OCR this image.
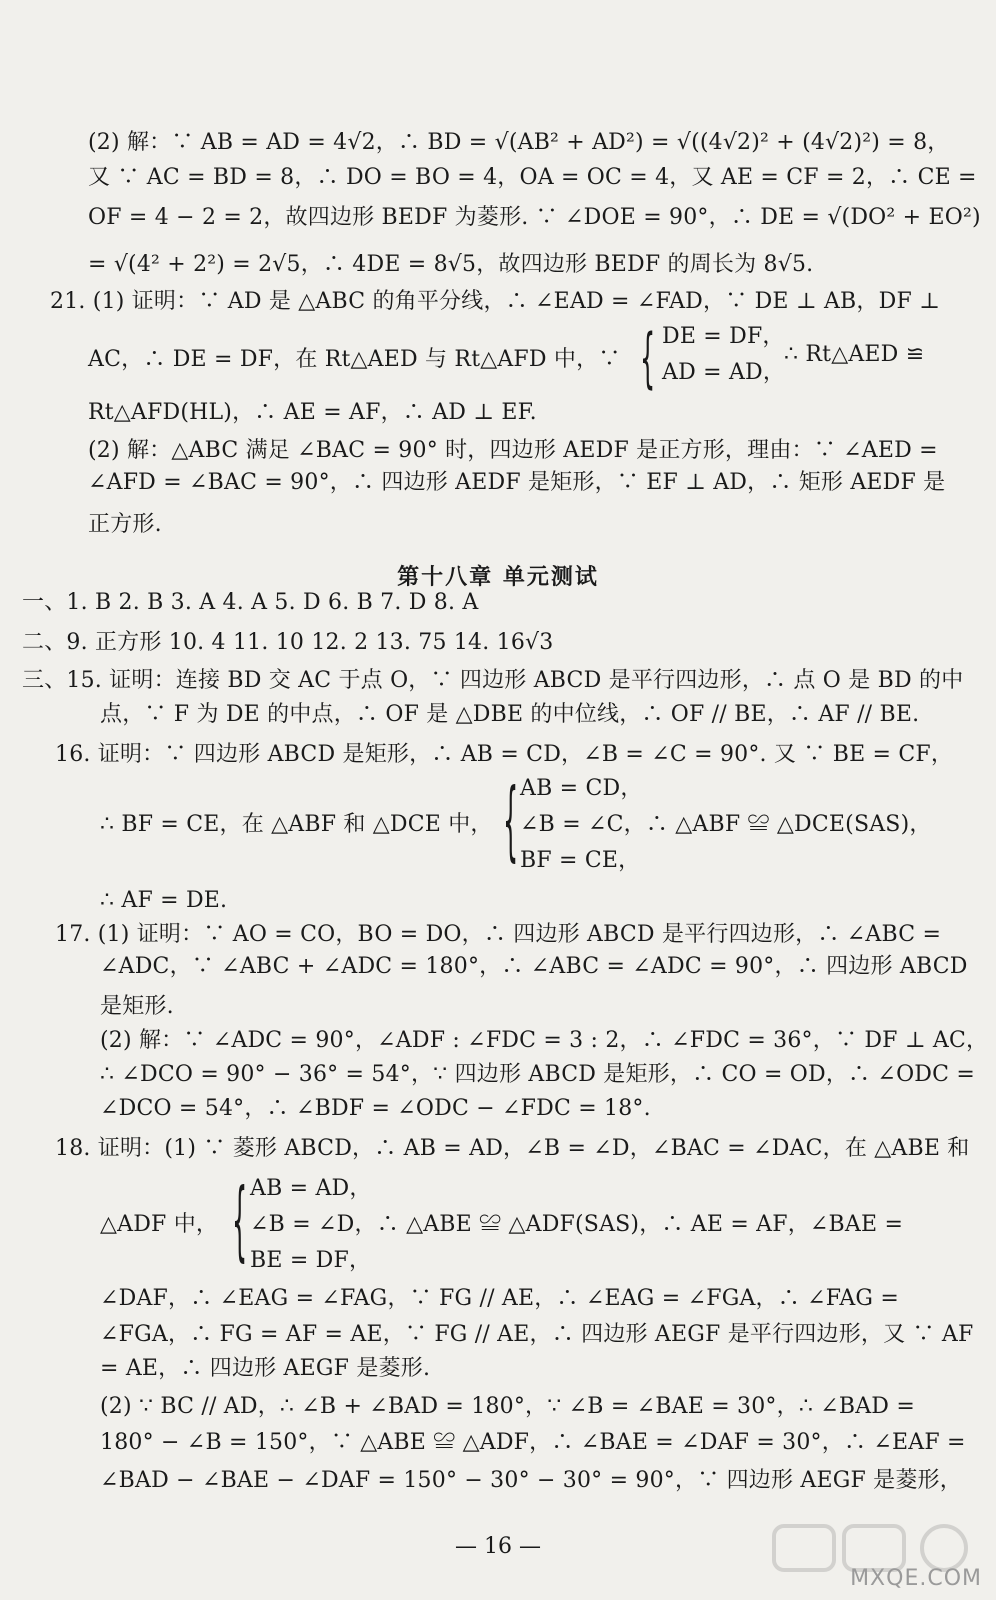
(2) 解：∵ AB = AD = 4√2，∴ BD = √(AB² + AD²) = √((4√2)² + (4√2)²) = 8，
又 ∵ AC = BD = 8，∴ DO = BO = 4，OA = OC = 4，又 AE = CF = 2，∴ CE =
OF = 4 − 2 = 2，故四边形 BEDF 为菱形. ∵ ∠DOE = 90°，∴ DE = √(DO² + EO²)
= √(4² + 2²) = 2√5，∴ 4DE = 8√5，故四边形 BEDF 的周长为 8√5.
21. (1) 证明：∵ AD 是 △ABC 的角平分线，∴ ∠EAD = ∠FAD，∵ DE ⊥ AB，DF ⊥
AC，∴ DE = DF，在 Rt△AED 与 Rt△AFD 中，∵ { DE = DF，
AD = AD，
∴ Rt△AED ≌
Rt△AFD(HL)，∴ AE = AF，∴ AD ⊥ EF.
(2) 解：△ABC 满足 ∠BAC = 90° 时，四边形 AEDF 是正方形，理由：∵ ∠AED =
∠AFD = ∠BAC = 90°，∴ 四边形 AEDF 是矩形，∵ EF ⊥ AD，∴ 矩形 AEDF 是
正方形.
第十八章 单元测试
一、1. B 2. B 3. A 4. A 5. D 6. B 7. D 8. A
二、9. 正方形 10. 4 11. 10 12. 2 13. 75 14. 16√3
三、15. 证明：连接 BD 交 AC 于点 O，∵ 四边形 ABCD 是平行四边形，∴ 点 O 是 BD 的中
点，∵ F 为 DE 的中点，∴ OF 是 △DBE 的中位线，∴ OF // BE，∴ AF // BE.
16. 证明：∵ 四边形 ABCD 是矩形，∴ AB = CD，∠B = ∠C = 90°. 又 ∵ BE = CF，
{ AB = CD，
∴ BF = CE，在 △ABF 和 △DCE 中， ∠B = ∠C，∴ △ABF ≌ △DCE(SAS)，
BF = CE，
∴ AF = DE.
17. (1) 证明：∵ AO = CO，BO = DO，∴ 四边形 ABCD 是平行四边形，∴ ∠ABC =
∠ADC，∵ ∠ABC + ∠ADC = 180°，∴ ∠ABC = ∠ADC = 90°，∴ 四边形 ABCD
是矩形.
(2) 解：∵ ∠ADC = 90°，∠ADF : ∠FDC = 3 : 2，∴ ∠FDC = 36°，∵ DF ⊥ AC，
∴ ∠DCO = 90° − 36° = 54°，∵ 四边形 ABCD 是矩形，∴ CO = OD，∴ ∠ODC =
∠DCO = 54°，∴ ∠BDF = ∠ODC − ∠FDC = 18°.
18. 证明：(1) ∵ 菱形 ABCD，∴ AB = AD，∠B = ∠D，∠BAC = ∠DAC，在 △ABE 和
{ AB = AD，
△ADF 中， ∠B = ∠D，∴ △ABE ≌ △ADF(SAS)，∴ AE = AF，∠BAE =
BE = DF，
∠DAF，∴ ∠EAG = ∠FAG，∵ FG // AE，∴ ∠EAG = ∠FGA，∴ ∠FAG =
∠FGA，∴ FG = AF = AE，∵ FG // AE，∴ 四边形 AEGF 是平行四边形，又 ∵ AF
= AE，∴ 四边形 AEGF 是菱形.
(2) ∵ BC // AD，∴ ∠B + ∠BAD = 180°，∵ ∠B = ∠BAE = 30°，∴ ∠BAD =
180° − ∠B = 150°，∵ △ABE ≌ △ADF，∴ ∠BAE = ∠DAF = 30°，∴ ∠EAF =
∠BAD − ∠BAE − ∠DAF = 150° − 30° − 30° = 90°，∵ 四边形 AEGF 是菱形，
— 16 —
MXQE.COM
